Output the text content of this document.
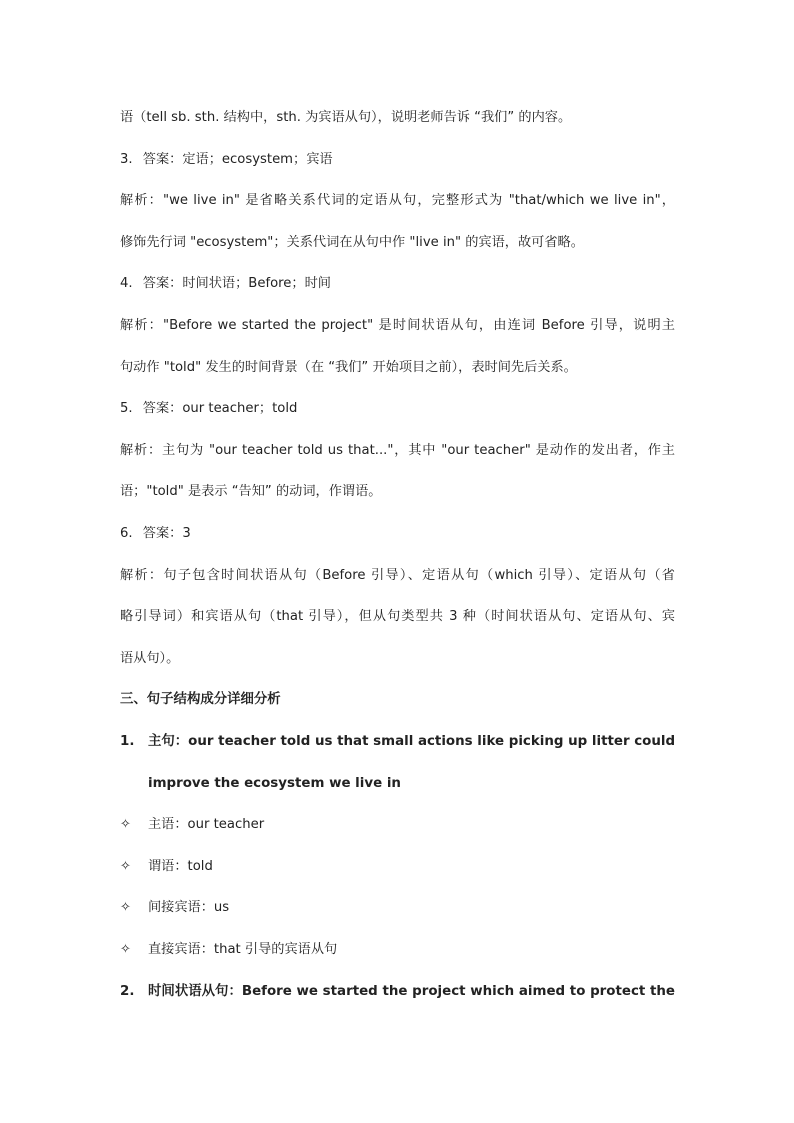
语（tell sb. sth. 结构中，sth. 为宾语从句），说明老师告诉 “我们” 的内容。
3. 答案：定语；ecosystem；宾语
解析："we live in" 是省略关系代词的定语从句，完整形式为 "that/which we live in"，
修饰先行词 "ecosystem"；关系代词在从句中作 "live in" 的宾语，故可省略。
4. 答案：时间状语；Before；时间
解析："Before we started the project" 是时间状语从句，由连词 Before 引导，说明主
句动作 "told" 发生的时间背景（在 “我们” 开始项目之前），表时间先后关系。
5. 答案：our teacher；told
解析：主句为 "our teacher told us that..."，其中 "our teacher" 是动作的发出者，作主
语；"told" 是表示 “告知” 的动词，作谓语。
6. 答案：3
解析：句子包含时间状语从句（Before 引导）、定语从句（which 引导）、定语从句（省
略引导词）和宾语从句（that 引导），但从句类型共 3 种（时间状语从句、定语从句、宾
语从句）。
三、句子结构成分详细分析
1.	主句：our teacher told us that small actions like picking up litter could
improve the ecosystem we live in
✧	主语：our teacher
✧	谓语：told
✧	间接宾语：us
✧	直接宾语：that 引导的宾语从句
2.	时间状语从句：Before we started the project which aimed to protect the
